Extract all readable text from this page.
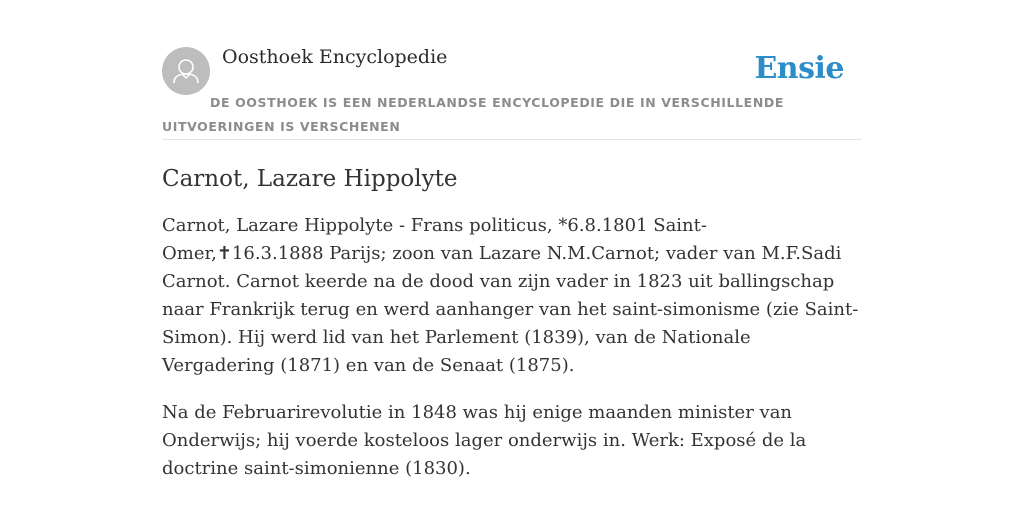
Oosthoek Encyclopedie	Ensie
DE OOSTHOEK IS EEN NEDERLANDSE ENCYCLOPEDIE DIE IN VERSCHILLENDE UITVOERINGEN IS VERSCHENEN
Carnot, Lazare Hippolyte

Carnot, Lazare Hippolyte - Frans politicus, *6.8.1801 Saint-Omer,✝16.3.1888 Parijs; zoon van Lazare N.M.Carnot; vader van M.F.Sadi Carnot. Carnot keerde na de dood van zijn vader in 1823 uit ballingschap naar Frankrijk terug en werd aanhanger van het saint-simonisme (zie Saint-Simon). Hij werd lid van het Parlement (1839), van de Nationale Vergadering (1871) en van de Senaat (1875).

Na de Februarirevolutie in 1848 was hij enige maanden minister van Onderwijs; hij voerde kosteloos lager onderwijs in. Werk: Exposé de la doctrine saint-simonienne (1830).
